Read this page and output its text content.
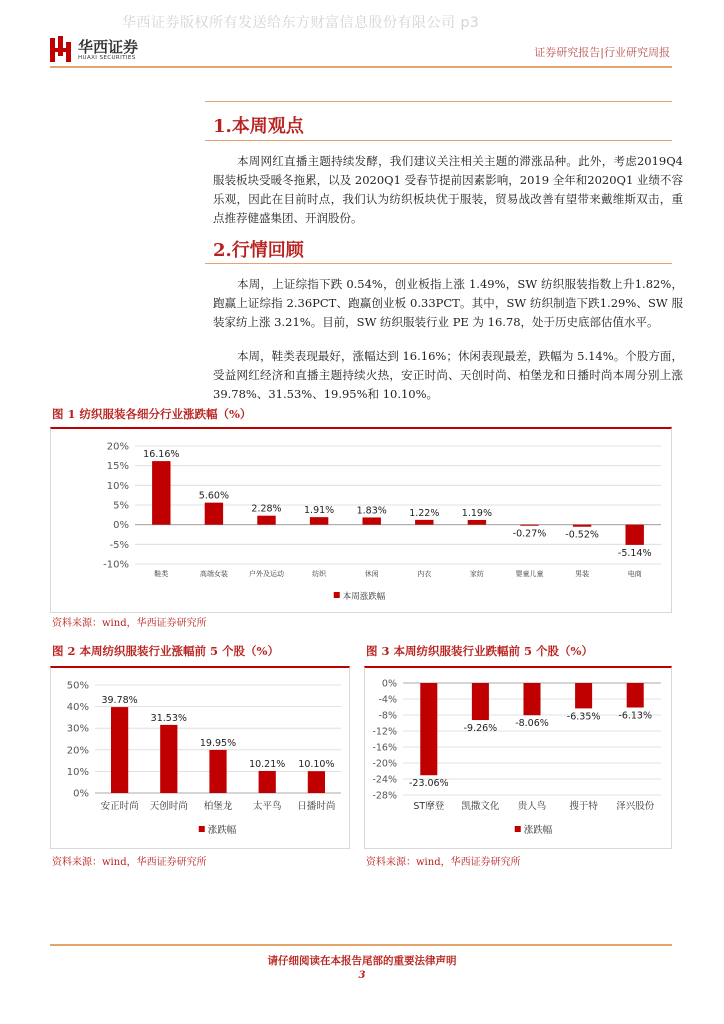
华西证券版权所有发送给东方财富信息股份有限公司 p3
华西证券
HUAXI SECURITIES	证券研究报告|行业研究周报
1.本周观点
本周网红直播主题持续发酵，我们建议关注相关主题的滞涨品种。此外，考虑2019Q4 服装板块受暖冬拖累，以及 2020Q1 受春节提前因素影响，2019 全年和2020Q1 业绩不容乐观，因此在目前时点，我们认为纺织板块优于服装，贸易战改善有望带来戴维斯双击，重点推荐健盛集团、开润股份。
2.行情回顾
本周，上证综指下跌 0.54%，创业板指上涨 1.49%，SW 纺织服装指数上升1.82%，跑赢上证综指 2.36PCT、跑赢创业板 0.33PCT。其中，SW 纺织制造下跌1.29%、SW 服装家纺上涨 3.21%。目前，SW 纺织服装行业 PE 为 16.78，处于历史底部估值水平。
本周，鞋类表现最好，涨幅达到 16.16%；休闲表现最差，跌幅为 5.14%。个股方面，受益网红经济和直播主题持续火热，安正时尚、天创时尚、柏堡龙和日播时尚本周分别上涨 39.78%、31.53%、19.95%和 10.10%。
图 1 纺织服装各细分行业涨跌幅（%）
20%
15%
10%
5%
0%
-5%
-10%
16.16%
鞋类
5.60%
高端女装
2.28%
户外及运动
1.91%
纺织
1.83%
休闲
1.22%
内衣
1.19%
家纺
-0.27%
婴童儿童
-0.52%
男装
-5.14%
电商
本周涨跌幅
资料来源：wind，华西证券研究所
图 2 本周纺织服装行业涨幅前 5 个股（%）
50%
40%
30%
20%
10%
0%
39.78%
安正时尚
31.53%
天创时尚
19.95%
柏堡龙
10.21%
太平鸟
10.10%
日播时尚
涨跌幅
资料来源：wind，华西证券研究所
图 3 本周纺织服装行业跌幅前 5 个股（%）
0%
-4%
-8%
-12%
-16%
-20%
-24%
-28%
-23.06%
ST摩登
-9.26%
凯撒文化
-8.06%
贵人鸟
-6.35%
搜于特
-6.13%
泽兴股份
涨跌幅
资料来源：wind，华西证券研究所
请仔细阅读在本报告尾部的重要法律声明
3
